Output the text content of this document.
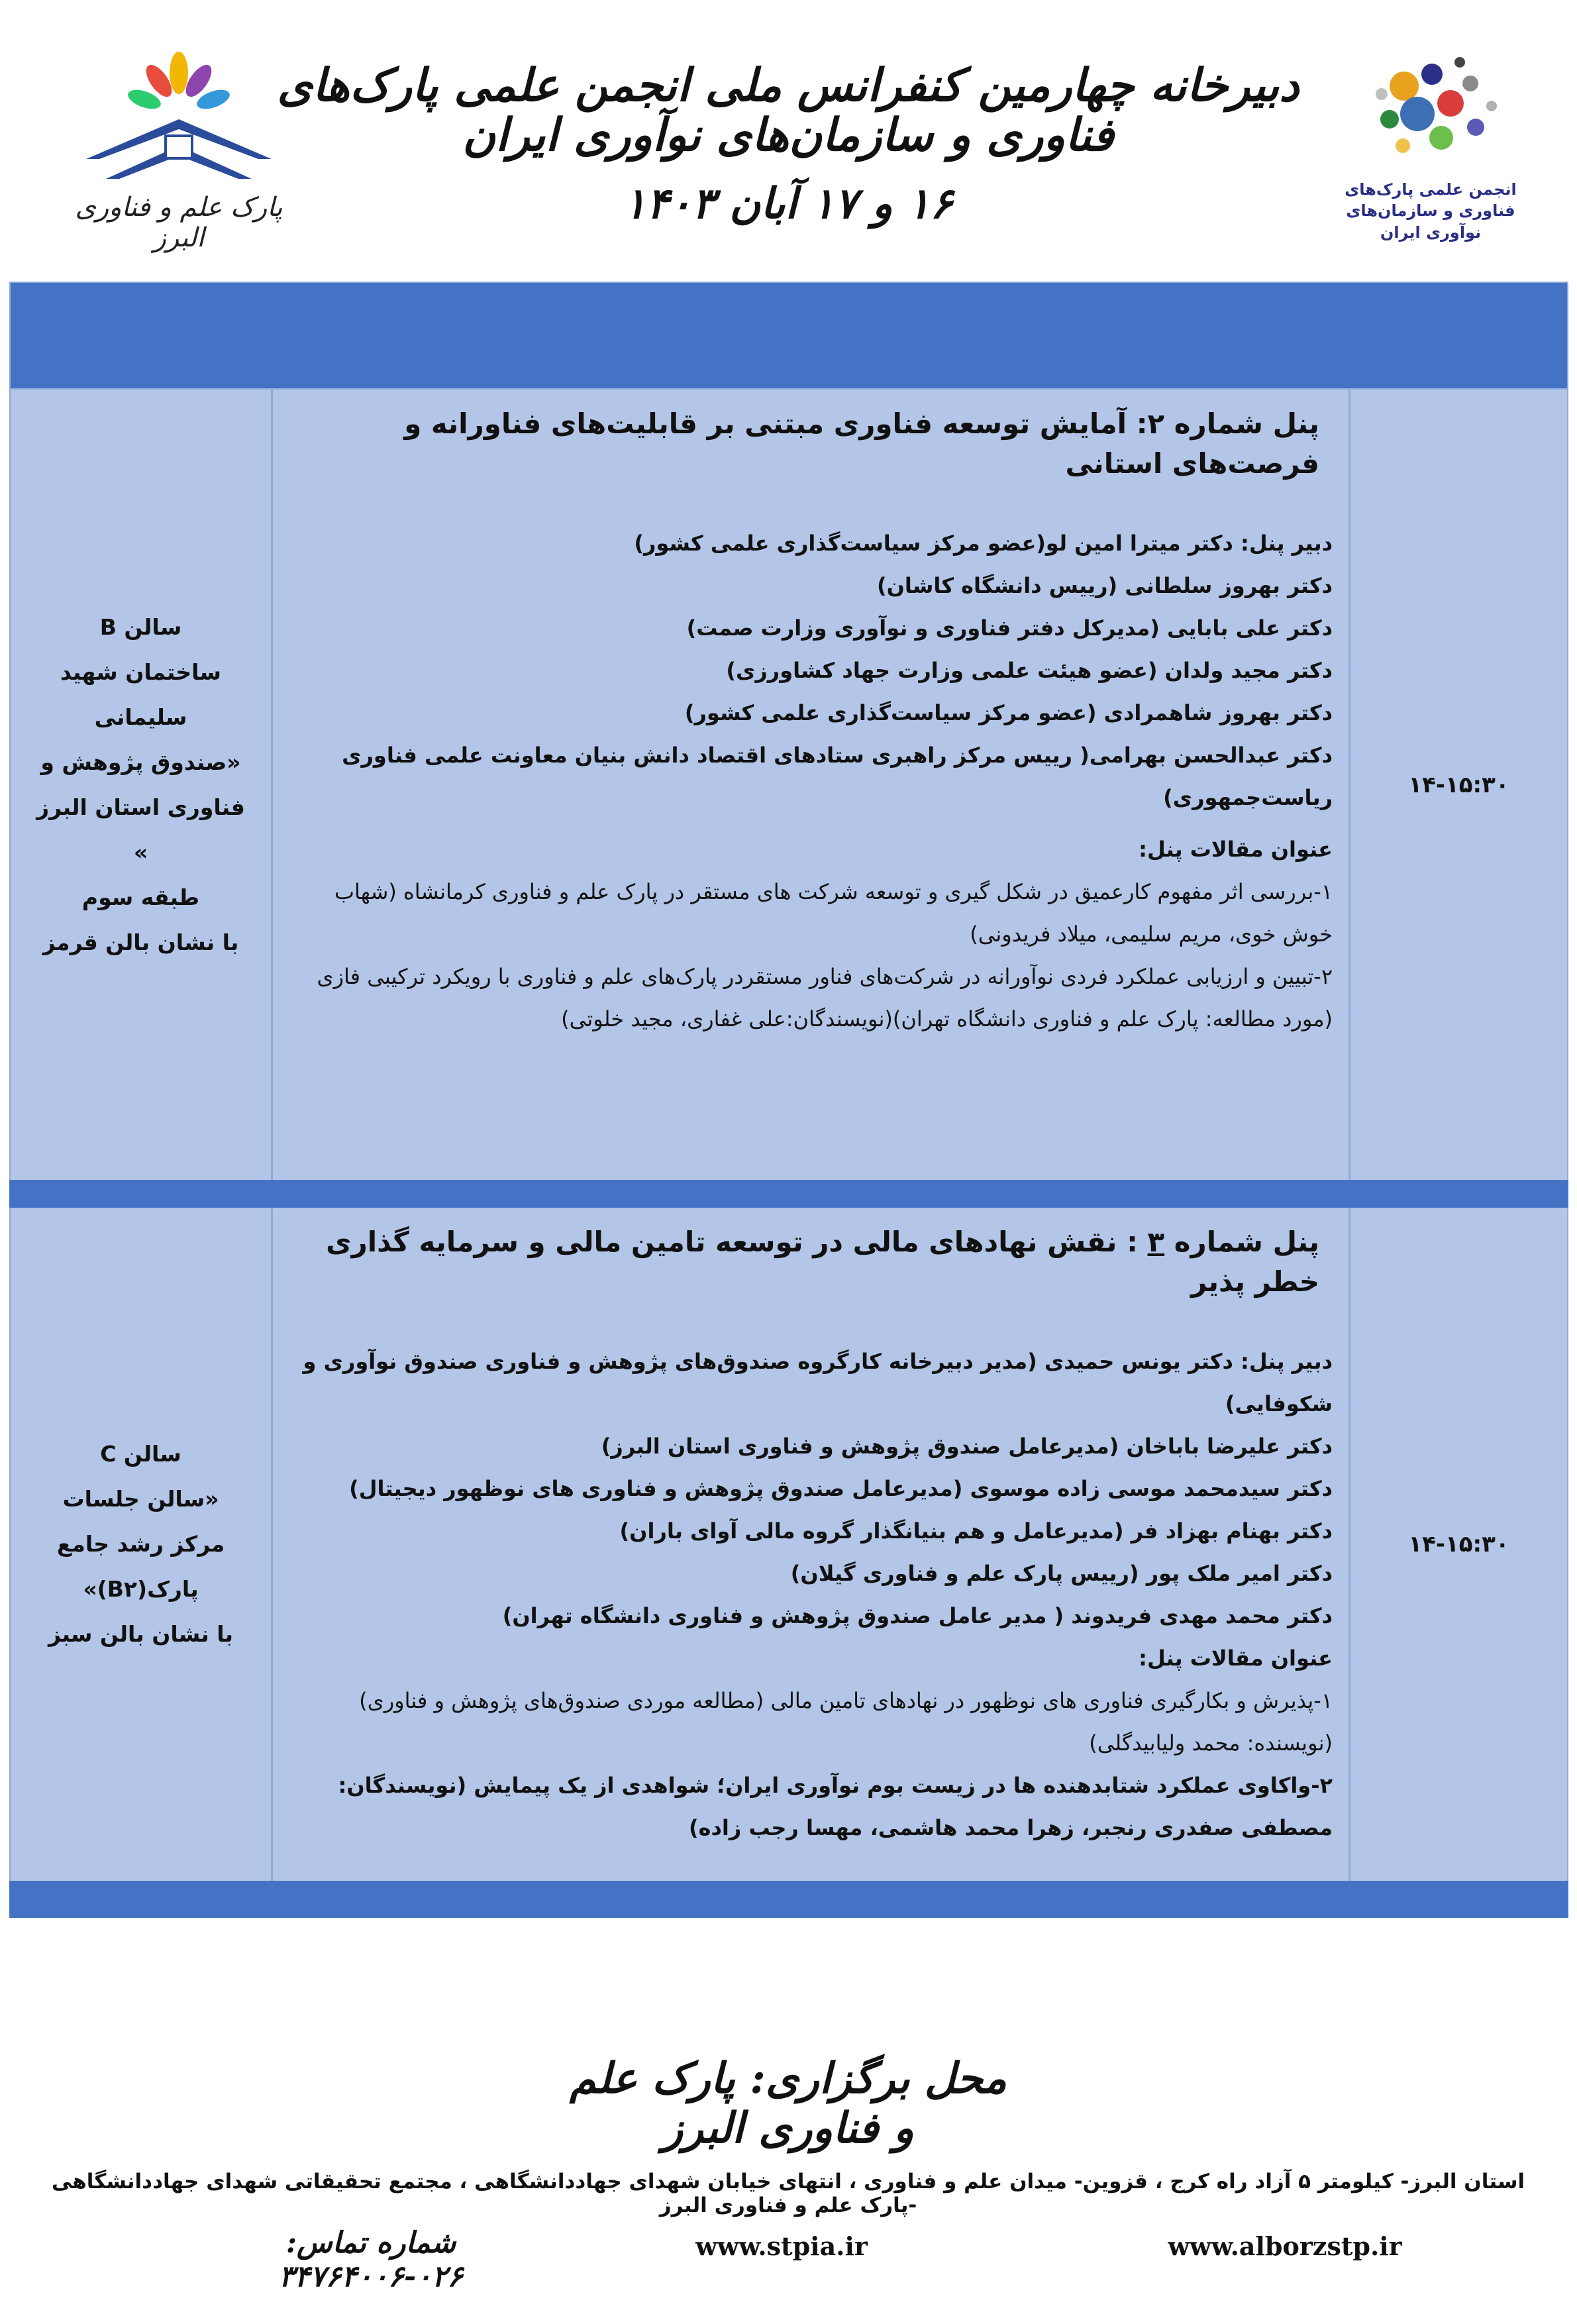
انجمن علمی پارک‌های فناوری و سازمان‌های نوآوری ایران
دبیرخانه چهارمین کنفرانس ملی انجمن علمی پارک‌های فناوری و سازمان‌های نوآوری ایران
۱۶ و ۱۷ آبان ۱۴۰۳
پارک علم و فناوری البرز
۱۴-۱۵:۳۰
پنل شماره ۲: آمایش توسعه فناوری مبتنی بر قابلیت‌های فناورانه و فرصت‌های استانی
دبیر پنل: دکتر میترا امین لو(عضو مرکز سیاست‌گذاری علمی کشور)
دکتر بهروز سلطانی (رییس دانشگاه کاشان)
دکتر علی بابایی (مدیرکل دفتر فناوری و نوآوری وزارت صمت)
دکتر مجید ولدان (عضو هیئت علمی وزارت جهاد کشاورزی)
دکتر بهروز شاهمرادی (عضو مرکز سیاست‌گذاری علمی کشور)
دکتر عبدالحسن بهرامی( رییس مرکز راهبری ستادهای اقتصاد دانش بنیان معاونت علمی فناوری ریاست‌جمهوری)
عنوان مقالات پنل:
۱-بررسی اثر مفهوم کارعمیق در شکل گیری و توسعه شرکت های مستقر در پارک علم و فناوری کرمانشاه (شهاب خوش خوی، مریم سلیمی، میلاد فریدونی)
۲-تبیین و ارزیابی عملکرد فردی نوآورانه در شرکت‌های فناور مستقردر پارک‌های علم و فناوری با رویکرد ترکیبی فازی (مورد مطالعه: پارک علم و فناوری دانشگاه تهران)(نویسندگان:علی غفاری، مجید خلوتی)
سالن B
ساختمان شهید
سلیمانی
«صندوق پژوهش و
فناوری استان البرز »
طبقه سوم
با نشان بالن قرمز
۱۴-۱۵:۳۰
پنل شماره ۳ : نقش نهادهای مالی در توسعه تامین مالی و سرمایه گذاری خطر پذیر
دبیر پنل: دکتر یونس حمیدی (مدیر دبیرخانه کارگروه صندوق‌های پژوهش و فناوری صندوق نوآوری و شکوفایی)
دکتر علیرضا باباخان (مدیرعامل صندوق پژوهش و فناوری استان البرز)
دکتر سیدمحمد موسی زاده موسوی (مدیرعامل صندوق پژوهش و فناوری های نوظهور دیجیتال)
دکتر بهنام بهزاد فر (مدیرعامل و هم بنیانگذار گروه مالی آوای باران)
دکتر امیر ملک پور (رییس پارک علم و فناوری گیلان)
دکتر محمد مهدی فریدوند ( مدیر عامل صندوق پژوهش و فناوری دانشگاه تهران)
عنوان مقالات پنل:
۱-پذیرش و بکارگیری فناوری های نوظهور در نهادهای تامین مالی (مطالعه موردی صندوق‌های پژوهش و فناوری)(نویسنده: محمد ولیابیدگلی)
۲-واکاوی عملکرد شتابدهنده ها در زیست بوم نوآوری ایران؛ شواهدی از یک پیمایش (نویسندگان: مصطفی صفدری رنجبر، زهرا محمد هاشمی، مهسا رجب زاده)
سالن C
«سالن جلسات
مرکز رشد جامع
پارک(B۲)»
با نشان بالن سبز
محل برگزاری: پارک علم و فناوری البرز
استان البرز- کیلومتر ۵ آزاد راه کرج ، قزوین- میدان علم و فناوری ، انتهای خیابان شهدای جهاددانشگاهی ، مجتمع تحقیقاتی شهدای جهاددانشگاهی -پارک علم و فناوری البرز
www.alborzstp.ir
www.stpia.ir
شماره تماس: ۰۲۶-۳۴۷۶۴۰۰۶
